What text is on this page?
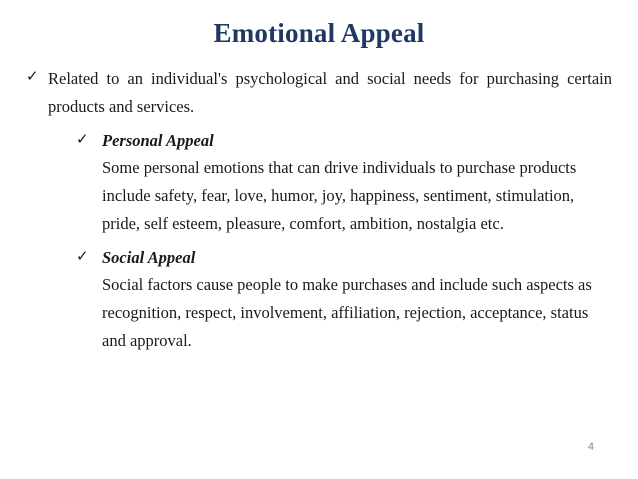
Emotional Appeal
✓ Related to an individual's psychological and social needs for purchasing certain products and services.
✓ Personal Appeal

Some personal emotions that can drive individuals to purchase products include safety, fear, love, humor, joy, happiness, sentiment, stimulation, pride, self esteem, pleasure, comfort, ambition, nostalgia etc.

✓ Social Appeal

Social factors cause people to make purchases and include such aspects as recognition, respect, involvement, affiliation, rejection, acceptance, status and approval.

4
